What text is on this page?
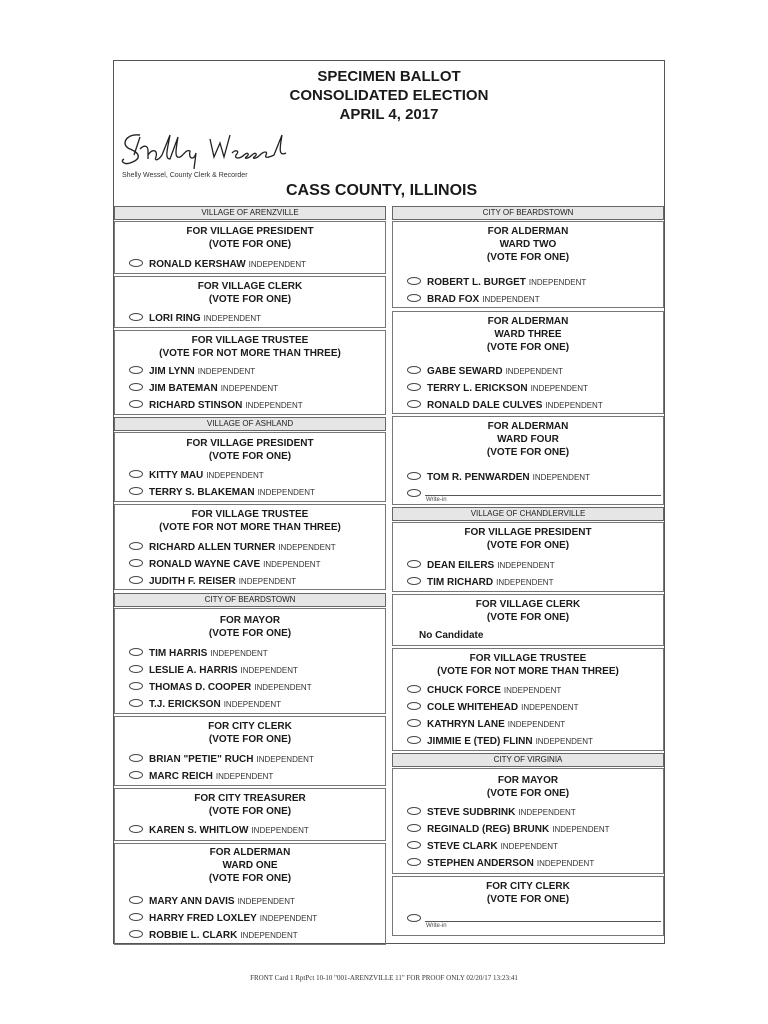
SPECIMEN BALLOT
CONSOLIDATED ELECTION
APRIL 4, 2017
Shelly Wessel, County Clerk & Recorder
CASS COUNTY, ILLINOIS
VILLAGE OF ARENZVILLE
FOR VILLAGE PRESIDENT
(VOTE FOR ONE)
RONALD KERSHAW INDEPENDENT
FOR VILLAGE CLERK
(VOTE FOR ONE)
LORI RING INDEPENDENT
FOR VILLAGE TRUSTEE
(VOTE FOR NOT MORE THAN THREE)
JIM LYNN INDEPENDENT
JIM BATEMAN INDEPENDENT
RICHARD STINSON INDEPENDENT
VILLAGE OF ASHLAND
FOR VILLAGE PRESIDENT
(VOTE FOR ONE)
KITTY MAU INDEPENDENT
TERRY S. BLAKEMAN INDEPENDENT
FOR VILLAGE TRUSTEE
(VOTE FOR NOT MORE THAN THREE)
RICHARD ALLEN TURNER INDEPENDENT
RONALD WAYNE CAVE INDEPENDENT
JUDITH F. REISER INDEPENDENT
CITY OF BEARDSTOWN
FOR MAYOR
(VOTE FOR ONE)
TIM HARRIS INDEPENDENT
LESLIE A. HARRIS INDEPENDENT
THOMAS D. COOPER INDEPENDENT
T.J. ERICKSON INDEPENDENT
FOR CITY CLERK
(VOTE FOR ONE)
BRIAN "PETIE" RUCH INDEPENDENT
MARC REICH INDEPENDENT
FOR CITY TREASURER
(VOTE FOR ONE)
KAREN S. WHITLOW INDEPENDENT
FOR ALDERMAN
WARD ONE
(VOTE FOR ONE)
MARY ANN DAVIS INDEPENDENT
HARRY FRED LOXLEY INDEPENDENT
ROBBIE L. CLARK INDEPENDENT
CITY OF BEARDSTOWN
FOR ALDERMAN
WARD TWO
(VOTE FOR ONE)
ROBERT L. BURGET INDEPENDENT
BRAD FOX INDEPENDENT
FOR ALDERMAN
WARD THREE
(VOTE FOR ONE)
GABE SEWARD INDEPENDENT
TERRY L. ERICKSON INDEPENDENT
RONALD DALE CULVES INDEPENDENT
FOR ALDERMAN
WARD FOUR
(VOTE FOR ONE)
TOM R. PENWARDEN INDEPENDENT
Write-in
VILLAGE OF CHANDLERVILLE
FOR VILLAGE PRESIDENT
(VOTE FOR ONE)
DEAN EILERS INDEPENDENT
TIM RICHARD INDEPENDENT
FOR VILLAGE CLERK
(VOTE FOR ONE)
No Candidate
FOR VILLAGE TRUSTEE
(VOTE FOR NOT MORE THAN THREE)
CHUCK FORCE INDEPENDENT
COLE WHITEHEAD INDEPENDENT
KATHRYN LANE INDEPENDENT
JIMMIE E (TED) FLINN INDEPENDENT
CITY OF VIRGINIA
FOR MAYOR
(VOTE FOR ONE)
STEVE SUDBRINK INDEPENDENT
REGINALD (REG) BRUNK INDEPENDENT
STEVE CLARK INDEPENDENT
STEPHEN ANDERSON INDEPENDENT
FOR CITY CLERK
(VOTE FOR ONE)
Write-in
FRONT Card 1 RptPct 10-10 "001-ARENZVILLE 11" FOR PROOF ONLY 02/20/17 13:23:41
